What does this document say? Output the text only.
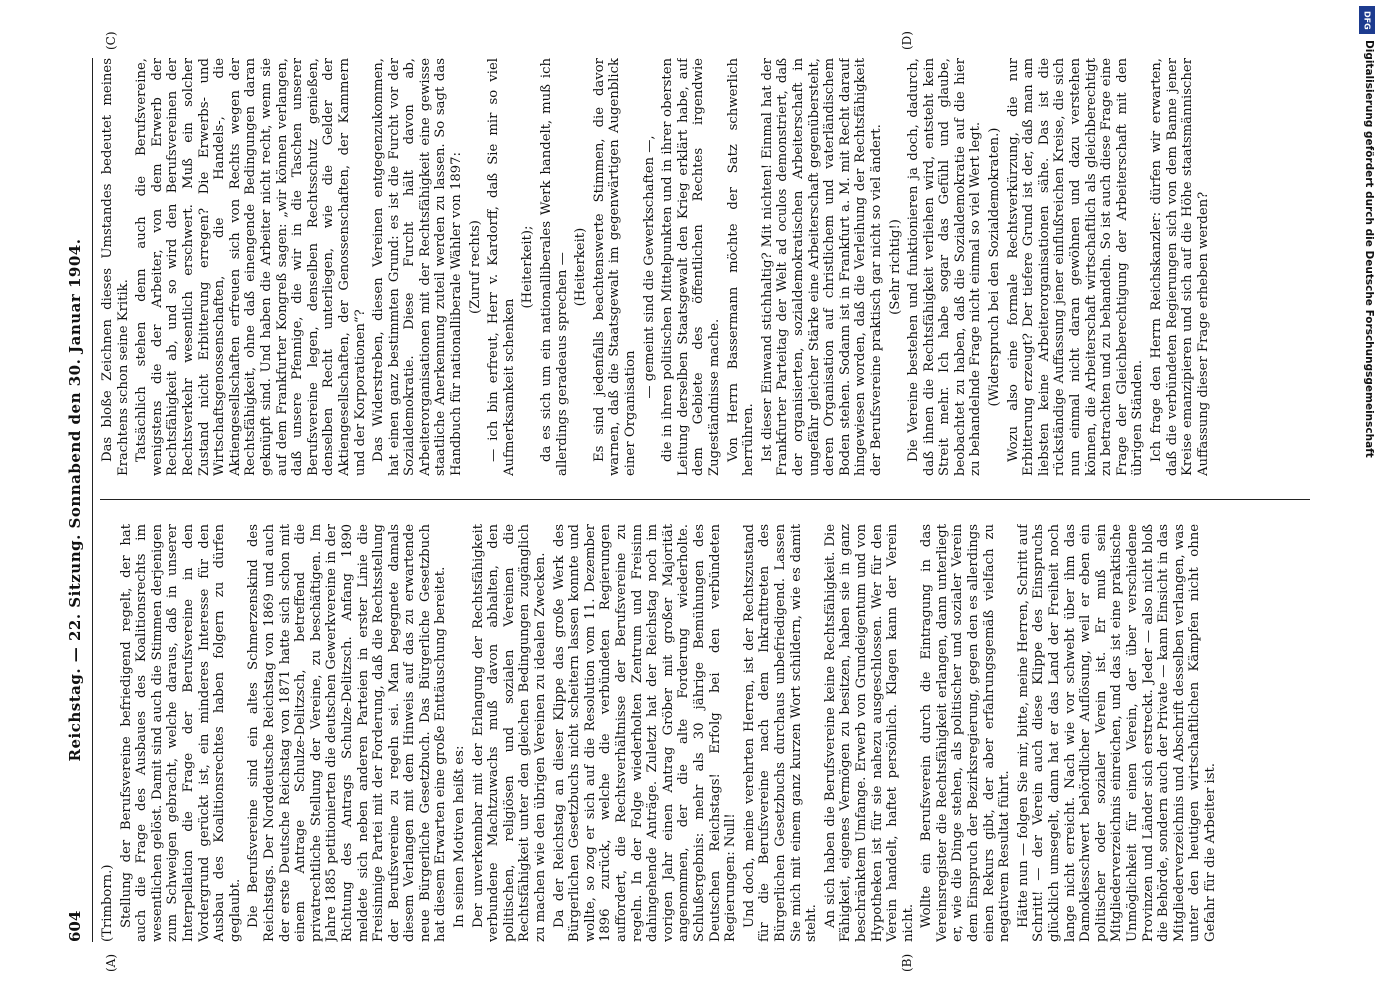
604
Reichstag. — 22. Sitzung. Sonnabend den 30. Januar 1904.

(Trimborn.) Stellung der Berufsvereine befriedigend regelt, der hat auch die Frage des Ausbaues des Koalitionsrechts im wesentlichen gelöst. Damit sind auch die Stimmen derjenigen zum Schweigen gebracht, welche daraus, daß in unserer Interpellation die Frage der Berufsvereine in den Vordergrund gerückt ist, ein minderes Interesse für den Ausbau des Koalitionsrechtes haben folgern zu dürfen geglaubt. Die Berufsvereine sind ein altes Schmerzenskind des Reichstags. Der Norddeutsche Reichstag von 1869 und auch der erste Deutsche Reichstag von 1871 hatte sich schon mit einem Antrage Schulze-Delitzsch, betreffend die privatrechtliche Stellung der Vereine, zu beschäftigen. Im Jahre 1885 petitionierten die deutschen Gewerkvereine in der Richtung des Antrags Schulze-Delitzsch. Anfang 1890 meldete sich neben anderen Parteien in erster Linie die Freisinnige Partei mit der Forderung, daß die Rechtsstellung der Berufsvereine zu regeln sei. Man begegnete damals diesem Verlangen mit dem Hinweis auf das zu erwartende neue Bürgerliche Gesetzbuch. Das Bürgerliche Gesetzbuch hat diesem Erwarten eine große Enttäuschung bereitet. In seinen Motiven heißt es: Der unverkennbar mit der Erlangung der Rechtsfähigkeit verbundene Machtzuwachs muß davon abhalten, den politischen, religiösen und sozialen Vereinen die Rechtsfähigkeit unter den gleichen Bedingungen zugänglich zu machen wie den übrigen Vereinen zu idealen Zwecken. Da der Reichstag an dieser Klippe das große Werk des Bürgerlichen Gesetzbuchs nicht scheitern lassen konnte und wollte, so zog er sich auf die Resolution vom 11. Dezember 1896 zurück, welche die verbündeten Regierungen auffordert, die Rechtsverhältnisse der Berufsvereine zu regeln. In der Folge wiederholten Zentrum und Freisinn dahingehende Anträge. Zuletzt hat der Reichstag noch im vorigen Jahr einen Antrag Gröber mit großer Majorität angenommen, der die alte Forderung wiederholte. Schlußergebnis: mehr als 30 jährige Bemühungen des Deutschen Reichstags! Erfolg bei den verbündeten Regierungen: Null! Und doch, meine verehrten Herren, ist der Rechtszustand für die Berufsvereine nach dem Inkrafttreten des Bürgerlichen Gesetzbuchs durchaus unbefriedigend. Lassen Sie mich mit einem ganz kurzen Wort schildern, wie es damit steht. An sich haben die Berufsvereine keine Rechtsfähigkeit. Die Fähigkeit, eigenes Vermögen zu besitzen, haben sie in ganz beschränktem Umfange. Erwerb von Grundeigentum und von Hypotheken ist für sie nahezu ausgeschlossen. Wer für den Verein handelt, haftet persönlich. Klagen kann der Verein nicht. Wollte ein Berufsverein durch die Eintragung in das Vereinsregister die Rechtsfähigkeit erlangen, dann unterliegt er, wie die Dinge stehen, als politischer und sozialer Verein dem Einspruch der Bezirksregierung, gegen den es allerdings einen Rekurs gibt, der aber erfahrungsgemäß vielfach zu negativem Resultat führt. Hätte nun — folgen Sie mir, bitte, meine Herren, Schritt auf Schritt! — der Verein auch diese Klippe des Einspruchs glücklich umsegelt, dann hat er das Land der Freiheit noch lange nicht erreicht. Nach wie vor schwebt über ihm das Damoklesschwert behördlicher Auflösung, weil er eben ein politischer oder sozialer Verein ist. Er muß sein Mitgliederverzeichnis einreichen, und das ist eine praktische Unmöglichkeit für einen Verein, der über verschiedene Provinzen und Länder sich erstreckt. Jeder — also nicht bloß die Behörde, sondern auch der Private — kann Einsicht in das Mitgliederverzeichnis und Abschrift desselben verlangen, was unter den heutigen wirtschaftlichen Kämpfen nicht ohne Gefahr für die Arbeiter ist.

Das bloße Zeichnen dieses Umstandes bedeutet meines Erachtens schon seine Kritik. Tatsächlich stehen denn auch die Berufsvereine, wenigstens die der Arbeiter, von dem Erwerb der Rechtsfähigkeit ab, und so wird den Berufsvereinen der Rechtsverkehr wesentlich erschwert. Muß ein solcher Zustand nicht Erbitterung erregen? Die Erwerbs- und Wirtschaftsgenossenschaften, die Handels-, die Aktiengesellschaften erfreuen sich von Rechts wegen der Rechtsfähigkeit, ohne daß einengende Bedingungen daran geknüpft sind. Und haben die Arbeiter nicht recht, wenn sie auf dem Frankfurter Kongreß sagen: „wir können verlangen, daß unsere Pfennige, die wir in die Taschen unserer Berufsvereine legen, denselben Rechtsschutz genießen, denselben Recht unterliegen, wie die Gelder der Aktiengesellschaften, der Genossenschaften, der Kammern und der Korporationen“? Das Widerstreben, diesen Vereinen entgegenzukommen, hat einen ganz bestimmten Grund: es ist die Furcht vor der Sozialdemokratie. Diese Furcht hält davon ab, Arbeiterorganisationen mit der Rechtsfähigkeit eine gewisse staatliche Anerkennung zuteil werden zu lassen. So sagt das Handbuch für nationalliberale Wähler von 1897: (Zuruf rechts) — ich bin erfreut, Herr v. Kardorff, daß Sie mir so viel Aufmerksamkeit schenken

(Heiterkeit); da es sich um ein nationalliberales Werk handelt, muß ich allerdings geradeaus sprechen — (Heiterkeit) Es sind jedenfalls beachtenswerte Stimmen, die davor warnen, daß die Staatsgewalt im gegenwärtigen Augenblick einer Organisation

— gemeint sind die Gewerkschaften —, die in ihren politischen Mittelpunkten und in ihrer obersten Leitung derselben Staatsgewalt den Krieg erklärt habe, auf dem Gebiete des öffentlichen Rechtes irgendwie Zugeständnisse mache. Von Herrn Bassermann möchte der Satz schwerlich herrühren. Ist dieser Einwand stichhaltig? Mit nichten! Einmal hat der Frankfurter Parteitag der Welt ad oculos demonstriert, daß der organisierten, sozialdemokratischen Arbeiterschaft in ungefähr gleicher Stärke eine Arbeiterschaft gegenübersteht, deren Organisation auf christlichem und vaterländischem Boden stehen. Sodann ist in Frankfurt a. M. mit Recht darauf hingewiesen worden, daß die Verleihung der Rechtsfähigkeit der Berufsvereine praktisch gar nicht so viel ändert. (Sehr richtig!) Die Vereine bestehen und funktionieren ja doch, dadurch, daß ihnen die Rechtsfähigkeit verliehen wird, entsteht kein Streit mehr. Ich habe sogar das Gefühl und glaube, beobachtet zu haben, daß die Sozialdemokratie auf die hier zu behandelnde Frage nicht einmal so viel Wert legt. (Widerspruch bei den Sozialdemokraten.) Wozu also eine formale Rechtsverkürzung, die nur Erbitterung erzeugt? Der tiefere Grund ist der, daß man am liebsten keine Arbeiterorganisationen sähe. Das ist die rückständige Auffassung jener einflußreichen Kreise, die sich nun einmal nicht daran gewöhnen und dazu verstehen können, die Arbeiterschaft wirtschaftlich als gleichberechtigt zu betrachten und zu behandeln. So ist auch diese Frage eine Frage der Gleichberechtigung der Arbeiterschaft mit den übrigen Ständen. Ich frage den Herrn Reichskanzler: dürfen wir erwarten, daß die verbündeten Regierungen sich von dem Banne jener Kreise emanzipieren und sich auf die Höhe staatsmännischer Auffassung dieser Frage erheben werden?

(A)	(B)
(C)	(D)
DFG
Digitalisierung gefördert durch die Deutsche Forschungsgemeinschaft
